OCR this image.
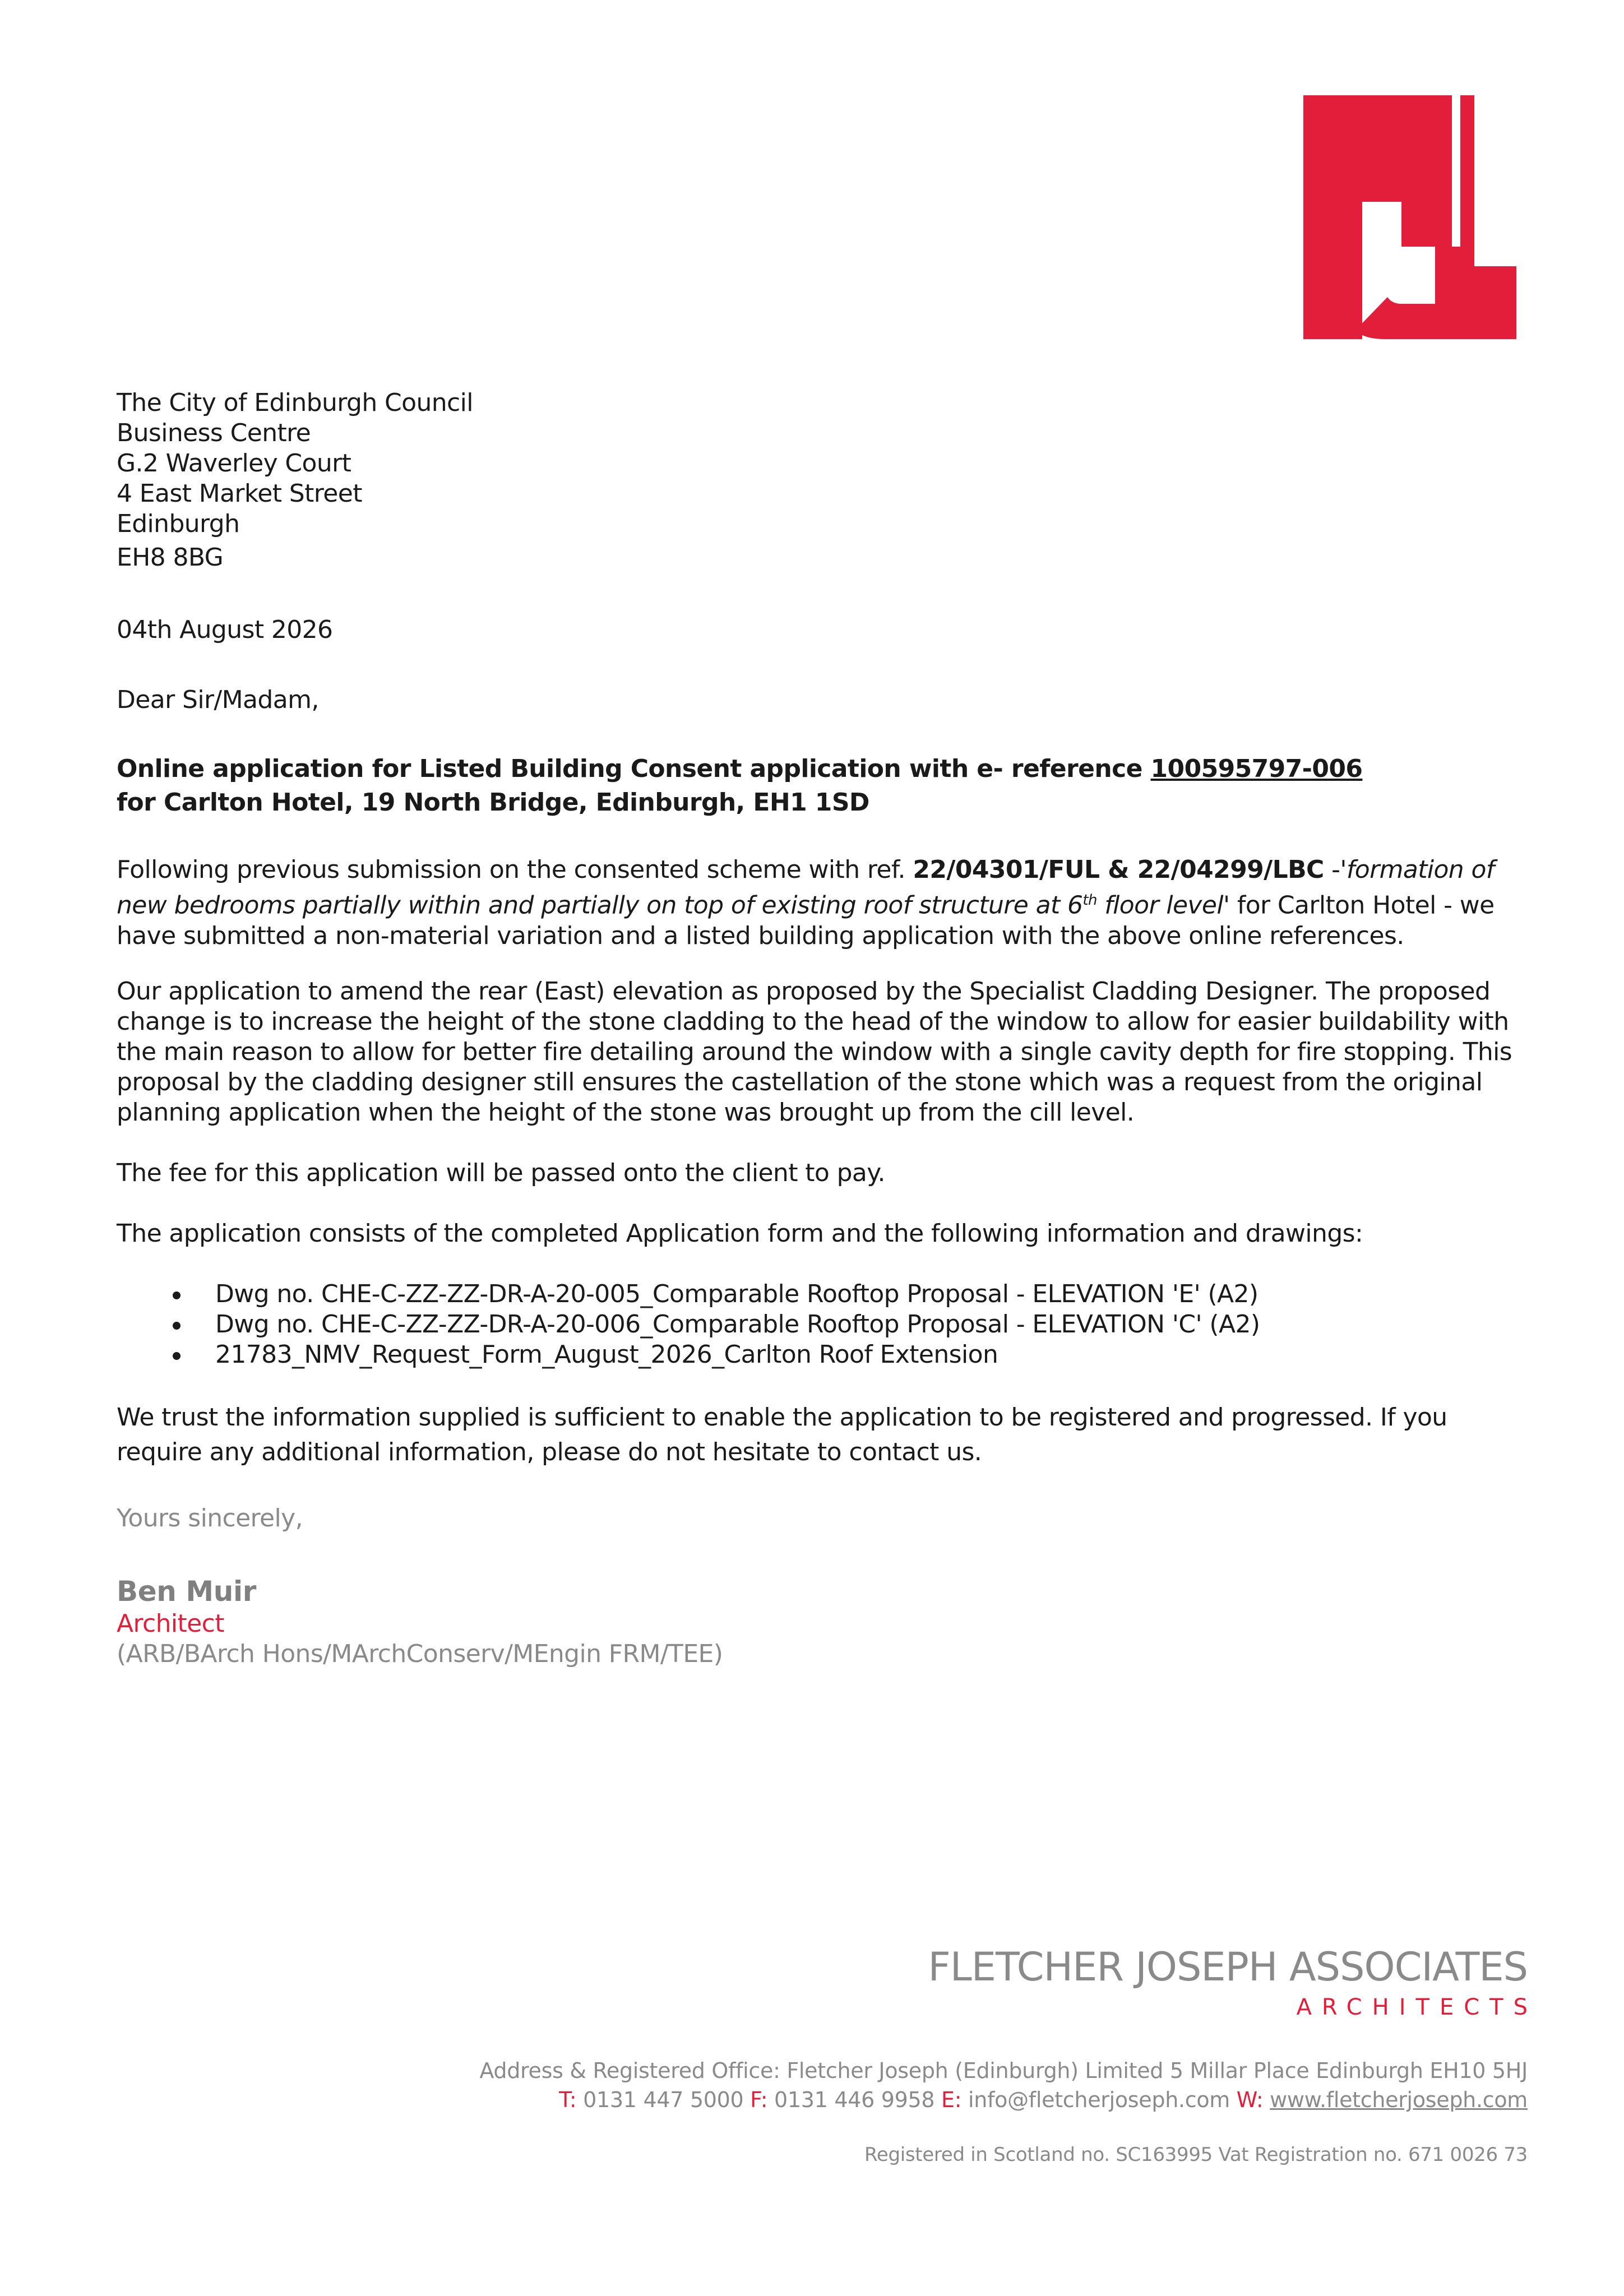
The City of Edinburgh Council
Business Centre
G.2 Waverley Court
4 East Market Street
Edinburgh
EH8 8BG
04th August 2026
Dear Sir/Madam,
Online application for Listed Building Consent application with e- reference 100595797-006
for Carlton Hotel, 19 North Bridge, Edinburgh, EH1 1SD
Following previous submission on the consented scheme with ref. 22/04301/FUL & 22/04299/LBC -'formation of new bedrooms partially within and partially on top of existing roof structure at 6th floor level' for Carlton Hotel - we have submitted a non-material variation and a listed building application with the above online references.
Our application to amend the rear (East) elevation as proposed by the Specialist Cladding Designer. The proposed change is to increase the height of the stone cladding to the head of the window to allow for easier buildability with the main reason to allow for better fire detailing around the window with a single cavity depth for fire stopping. This proposal by the cladding designer still ensures the castellation of the stone which was a request from the original planning application when the height of the stone was brought up from the cill level.
The fee for this application will be passed onto the client to pay.
The application consists of the completed Application form and the following information and drawings:
Dwg no. CHE-C-ZZ-ZZ-DR-A-20-005_Comparable Rooftop Proposal - ELEVATION 'E' (A2)
Dwg no. CHE-C-ZZ-ZZ-DR-A-20-006_Comparable Rooftop Proposal - ELEVATION 'C' (A2)
21783_NMV_Request_Form_August_2026_Carlton Roof Extension
We trust the information supplied is sufficient to enable the application to be registered and progressed. If you require any additional information, please do not hesitate to contact us.
Yours sincerely,
Ben Muir
Architect
(ARB/BArch Hons/MArchConserv/MEngin FRM/TEE)
FLETCHER JOSEPH ASSOCIATES
ARCHITECTS
Address & Registered Office: Fletcher Joseph (Edinburgh) Limited 5 Millar Place Edinburgh EH10 5HJ
T: 0131 447 5000 F: 0131 446 9958 E: info@fletcherjoseph.com W: www.fletcherjoseph.com
Registered in Scotland no. SC163995 Vat Registration no. 671 0026 73
